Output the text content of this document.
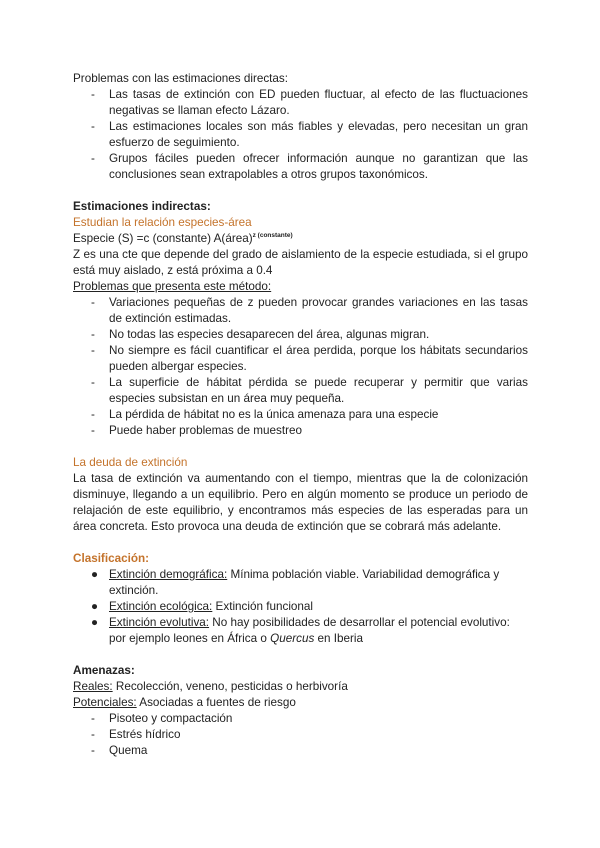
Problemas con las estimaciones directas:

- Las tasas de extinción con ED pueden fluctuar, al efecto de las fluctuaciones negativas se llaman efecto Lázaro.
- Las estimaciones locales son más fiables y elevadas, pero necesitan un gran esfuerzo de seguimiento.
- Grupos fáciles pueden ofrecer información aunque no garantizan que las conclusiones sean extrapolables a otros grupos taxonómicos.

Estimaciones indirectas:

Estudian la relación especies-área

Especie (S) =c (constante) A(área)$^{z (constante)}$

Z es una cte que depende del grado de aislamiento de la especie estudiada, si el grupo está muy aislado, z está próxima a 0.4

Problemas que presenta este método:

- Variaciones pequeñas de z pueden provocar grandes variaciones en las tasas de extinción estimadas.
- No todas las especies desaparecen del área, algunas migran.
- No siempre es fácil cuantificar el área perdida, porque los hábitats secundarios pueden albergar especies.
- La superficie de hábitat pérdida se puede recuperar y permitir que varias especies subsistan en un área muy pequeña.
- La pérdida de hábitat no es la única amenaza para una especie
- Puede haber problemas de muestreo

La deuda de extinción

La tasa de extinción va aumentando con el tiempo, mientras que la de colonización disminuye, llegando a un equilibrio. Pero en algún momento se produce un periodo de relajación de este equilibrio, y encontramos más especies de las esperadas para un área concreta. Esto provoca una deuda de extinción que se cobrará más adelante.

Clasificación:

● Extinción demográfica: Mínima población viable. Variabilidad demográfica y extinción.
● Extinción ecológica: Extinción funcional
● Extinción evolutiva: No hay posibilidades de desarrollar el potencial evolutivo: por ejemplo leones en África o Quercus en Iberia

Amenazas:

Reales: Recolección, veneno, pesticidas o herbivoría

Potenciales: Asociadas a fuentes de riesgo

- Pisoteo y compactación
- Estrés hídrico
- Quema
